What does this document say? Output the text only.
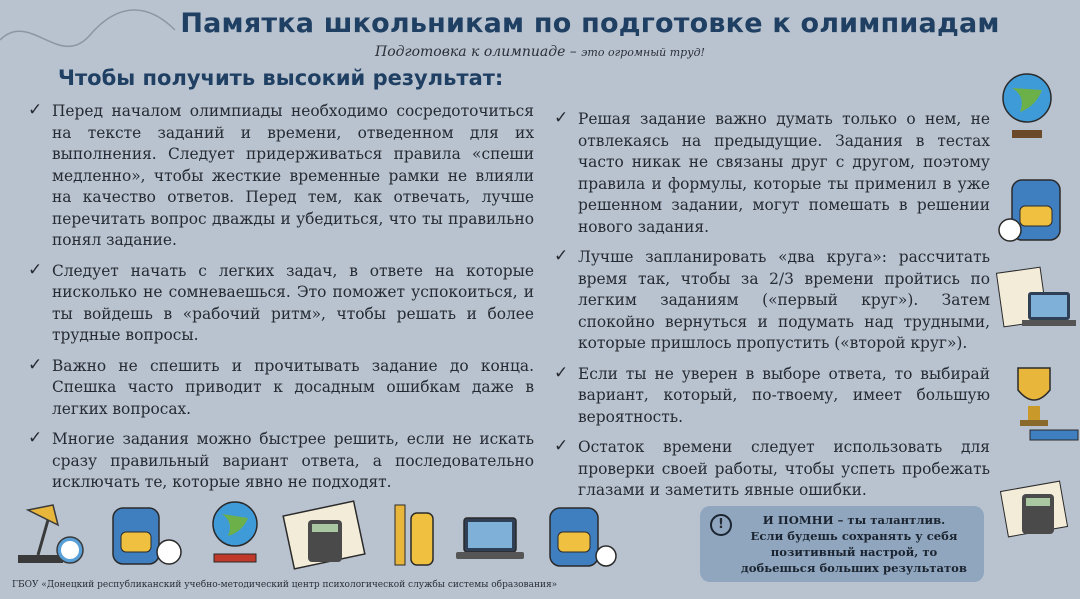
Памятка школьникам по подготовке к олимпиадам
Подготовка к олимпиаде – это огромный труд!
Чтобы получить высокий результат:
✓ Перед началом олимпиады необходимо сосредоточиться на тексте заданий и времени, отведенном для их выполнения. Следует придерживаться правила «спеши медленно», чтобы жесткие временные рамки не влияли на качество ответов. Перед тем, как отвечать, лучше перечитать вопрос дважды и убедиться, что ты правильно понял задание.
✓ Следует начать с легких задач, в ответе на которые нисколько не сомневаешься. Это поможет успокоиться, и ты войдешь в «рабочий ритм», чтобы решать и более трудные вопросы.
✓ Важно не спешить и прочитывать задание до конца. Спешка часто приводит к досадным ошибкам даже в легких вопросах.
✓ Многие задания можно быстрее решить, если не искать сразу правильный вариант ответа, а последовательно исключать те, которые явно не подходят.
✓ Решая задание важно думать только о нем, не отвлекаясь на предыдущие. Задания в тестах часто никак не связаны друг с другом, поэтому правила и формулы, которые ты применил в уже решенном задании, могут помешать в решении нового задания.
✓ Лучше запланировать «два круга»: рассчитать время так, чтобы за 2/3 времени пройтись по легким заданиям («первый круг»). Затем спокойно вернуться и подумать над трудными, которые пришлось пропустить («второй круг»).
✓ Если ты не уверен в выборе ответа, то выбирай вариант, который, по-твоему, имеет большую вероятность.
✓ Остаток времени следует использовать для проверки своей работы, чтобы успеть пробежать глазами и заметить явные ошибки.
!	И ПОМНИ – ты талантлив.
Если будешь сохранять у себя позитивный настрой, то добьешься больших результатов
ГБОУ «Донецкий республиканский учебно-методический центр психологической службы системы образования»
